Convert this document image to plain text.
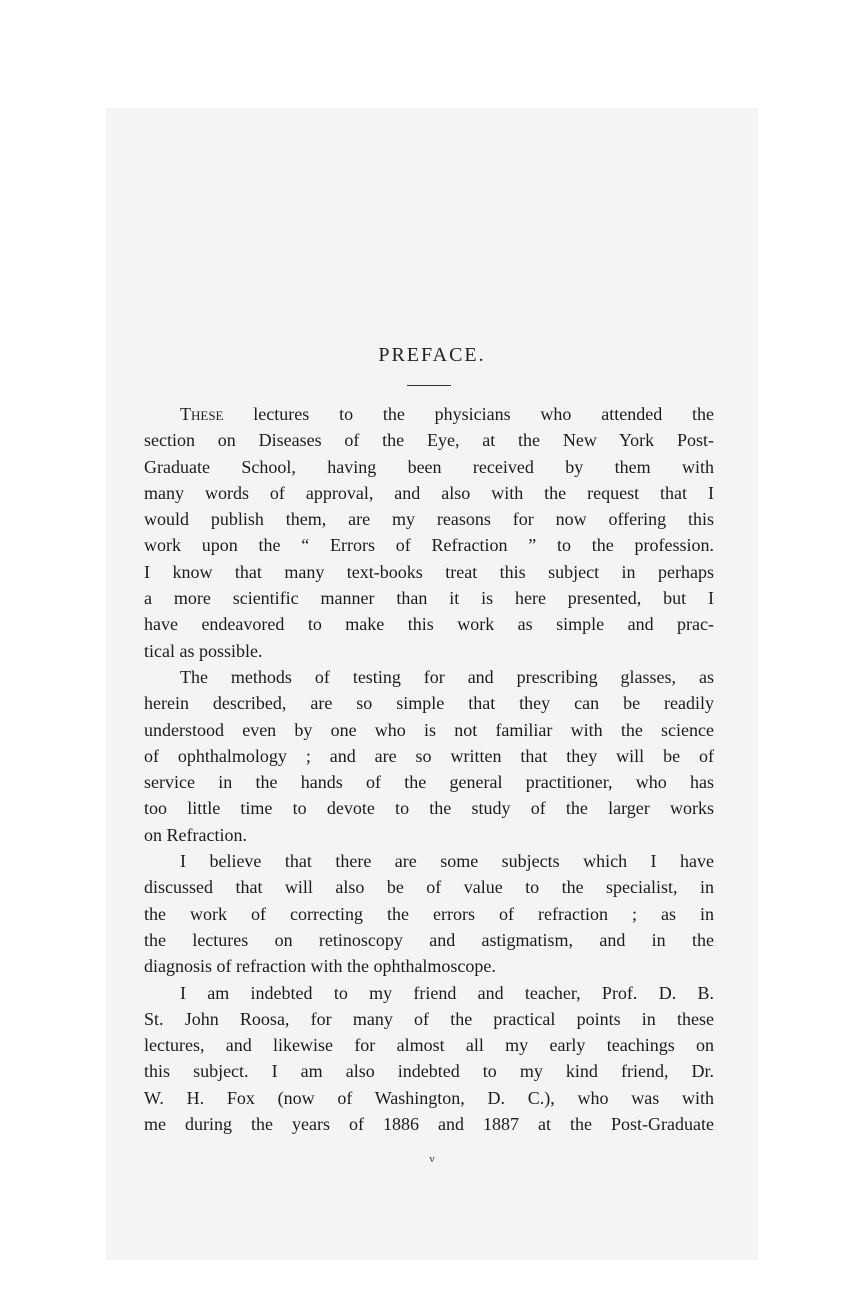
PREFACE.
These lectures to the physicians who attended the
section on Diseases of the Eye, at the New York Post-
Graduate School, having been received by them with
many words of approval, and also with the request that I
would publish them, are my reasons for now offering this
work upon the “ Errors of Refraction ” to the profession.
I know that many text-books treat this subject in perhaps
a more scientific manner than it is here presented, but I
have endeavored to make this work as simple and prac-
tical as possible.
The methods of testing for and prescribing glasses, as
herein described, are so simple that they can be readily
understood even by one who is not familiar with the science
of ophthalmology ; and are so written that they will be of
service in the hands of the general practitioner, who has
too little time to devote to the study of the larger works
on Refraction.
I believe that there are some subjects which I have
discussed that will also be of value to the specialist, in
the work of correcting the errors of refraction ; as in
the lectures on retinoscopy and astigmatism, and in the
diagnosis of refraction with the ophthalmoscope.
I am indebted to my friend and teacher, Prof. D. B.
St. John Roosa, for many of the practical points in these
lectures, and likewise for almost all my early teachings on
this subject. I am also indebted to my kind friend, Dr.
W. H. Fox (now of Washington, D. C.), who was with
me during the years of 1886 and 1887 at the Post-Graduate
v
